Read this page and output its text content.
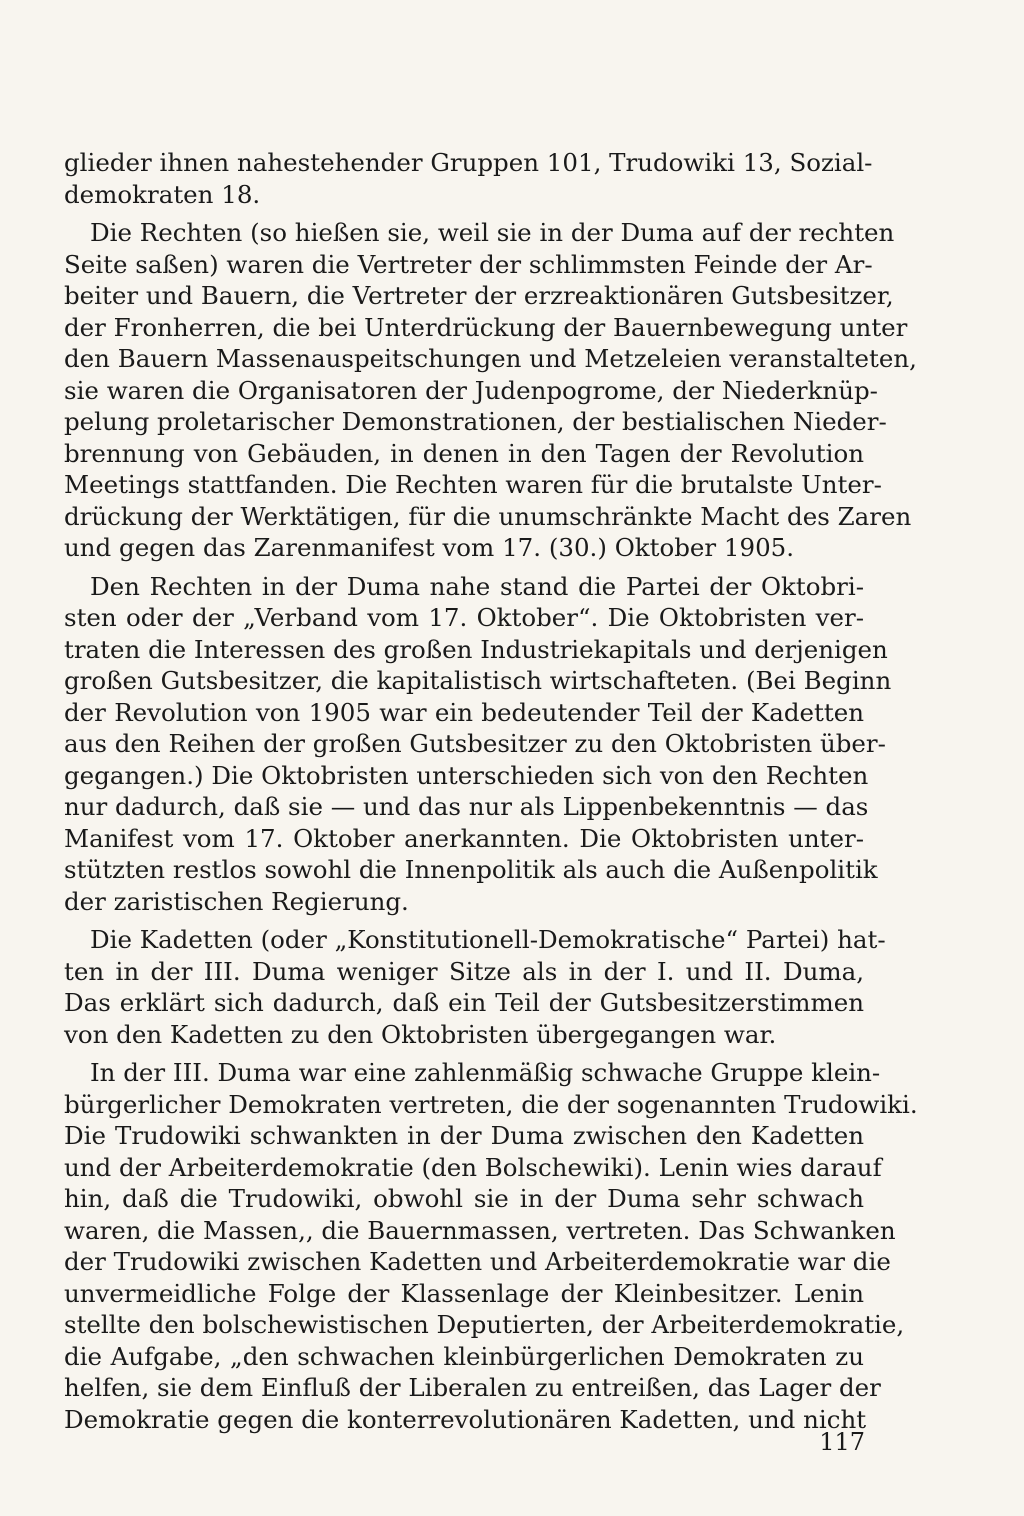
glieder ihnen nahestehender Gruppen 101, Trudowiki 13, Sozial-
demokraten 18.
Die Rechten (so hießen sie, weil sie in der Duma auf der rechten
Seite saßen) waren die Vertreter der schlimmsten Feinde der Ar-
beiter und Bauern, die Vertreter der erzreaktionären Gutsbesitzer,
der Fronherren, die bei Unterdrückung der Bauernbewegung unter
den Bauern Massenauspeitschungen und Metzeleien veranstalteten,
sie waren die Organisatoren der Judenpogrome, der Niederknüp-
pelung proletarischer Demonstrationen, der bestialischen Nieder-
brennung von Gebäuden, in denen in den Tagen der Revolution
Meetings stattfanden. Die Rechten waren für die brutalste Unter-
drückung der Werktätigen, für die unumschränkte Macht des Zaren
und gegen das Zarenmanifest vom 17. (30.) Oktober 1905.
Den Rechten in der Duma nahe stand die Partei der Oktobri-
sten oder der „Verband vom 17. Oktober“. Die Oktobristen ver-
traten die Interessen des großen Industriekapitals und derjenigen
großen Gutsbesitzer, die kapitalistisch wirtschafteten. (Bei Beginn
der Revolution von 1905 war ein bedeutender Teil der Kadetten
aus den Reihen der großen Gutsbesitzer zu den Oktobristen über-
gegangen.) Die Oktobristen unterschieden sich von den Rechten
nur dadurch, daß sie — und das nur als Lippenbekenntnis — das
Manifest vom 17. Oktober anerkannten. Die Oktobristen unter-
stützten restlos sowohl die Innenpolitik als auch die Außenpolitik
der zaristischen Regierung.
Die Kadetten (oder „Konstitutionell-Demokratische“ Partei) hat-
ten in der III. Duma weniger Sitze als in der I. und II. Duma,
Das erklärt sich dadurch, daß ein Teil der Gutsbesitzerstimmen
von den Kadetten zu den Oktobristen übergegangen war.
In der III. Duma war eine zahlenmäßig schwache Gruppe klein-
bürgerlicher Demokraten vertreten, die der sogenannten Trudowiki.
Die Trudowiki schwankten in der Duma zwischen den Kadetten
und der Arbeiterdemokratie (den Bolschewiki). Lenin wies darauf
hin, daß die Trudowiki, obwohl sie in der Duma sehr schwach
waren, die Massen,, die Bauernmassen, vertreten. Das Schwanken
der Trudowiki zwischen Kadetten und Arbeiterdemokratie war die
unvermeidliche Folge der Klassenlage der Kleinbesitzer. Lenin
stellte den bolschewistischen Deputierten, der Arbeiterdemokratie,
die Aufgabe, „den schwachen kleinbürgerlichen Demokraten zu
helfen, sie dem Einfluß der Liberalen zu entreißen, das Lager der
Demokratie gegen die konterrevolutionären Kadetten, und nicht
117
